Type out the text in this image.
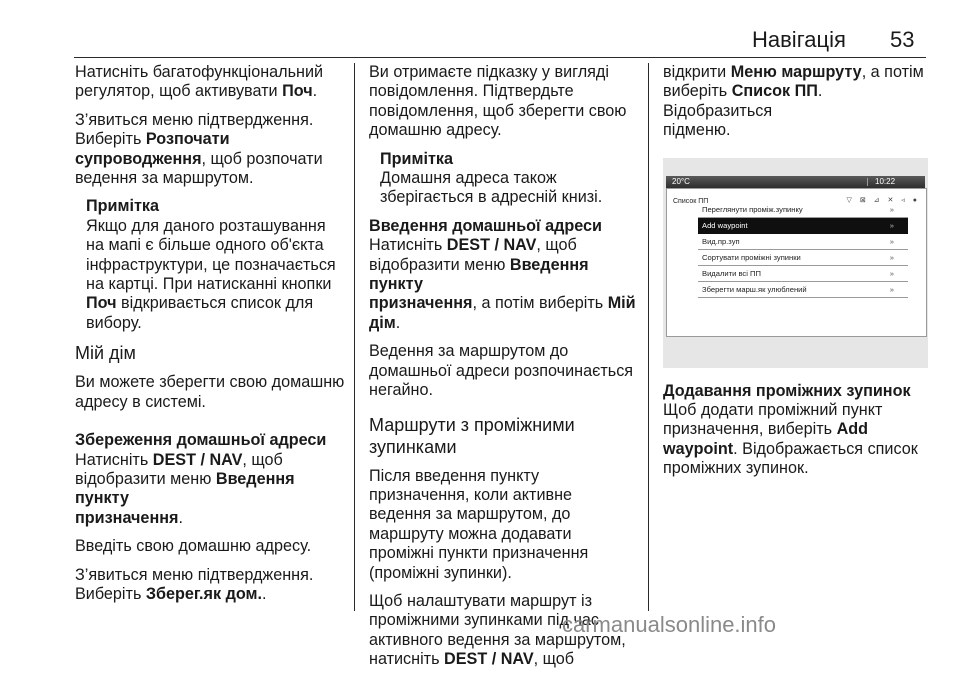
Навігація 53

Натисніть багатофункціональний
регулятор, щоб активувати Поч.

З’явиться меню підтвердження.
Виберіть Розпочати
супроводження, щоб розпочати
ведення за маршрутом.

Примітка
Якщо для даного розташування
на мапі є більше одного об'єкта
інфраструктури, це позначається
на картці. При натисканні кнопки
Поч відкривається список для
вибору.
Мій дім

Ви можете зберегти свою домашню
адресу в системі.

Збереження домашньої адреси

Натисніть DEST / NAV, щоб
відобразити меню Введення пункту
призначення.

Введіть свою домашню адресу.

З’явиться меню підтвердження.
Виберіть Зберег.як дом..

Ви отримаєте підказку у вигляді
повідомлення. Підтвердьте
повідомлення, щоб зберегти свою
домашню адресу.

Примітка
Домашня адреса також
зберігається в адресній книзі.
Введення домашньої адреси

Натисніть DEST / NAV, щоб
відобразити меню Введення пункту
призначення, а потім виберіть Мій
дім.

Ведення за маршрутом до
домашньої адреси розпочинається
негайно.

Маршрути з проміжними
зупинками

Після введення пункту
призначення, коли активне
ведення за маршрутом, до
маршруту можна додавати
проміжні пункти призначення
(проміжні зупинки).

Щоб налаштувати маршрут із
проміжними зупинками під час
активного ведення за маршрутом,
натисніть DEST / NAV, щоб

відкрити Меню маршруту, а потім
виберіть Список ПП. Відобразиться
підменю.

20°C	10:22
Список ПП	▽ ⊠ ⊿ ✕ ◃ ●
Переглянути проміж.зупинку	»
Add waypoint	»
Вид.пр.зуп	»
Сортувати проміжні зупинки	»
Видалити всі ПП	»
Зберегти марш.як улюблений	»
Додавання проміжних зупинок

Щоб додати проміжний пункт
призначення, виберіть Add
waypoint. Відображається список
проміжних зупинок.

carmanualsonline.info
